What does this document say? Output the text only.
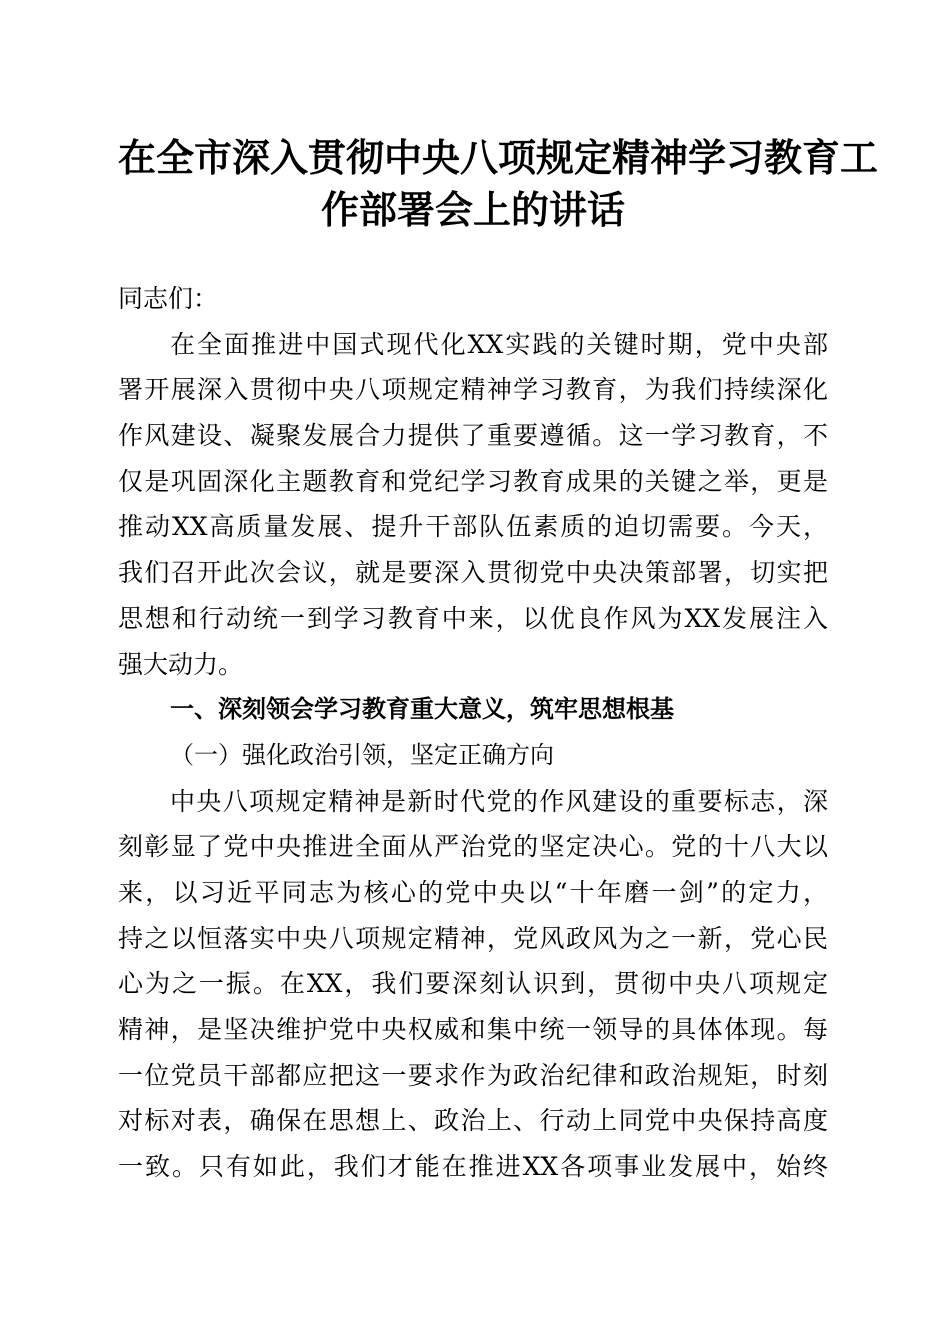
在全市深入贯彻中央八项规定精神学习教育工
作部署会上的讲话
同志们：
在全面推进中国式现代化XX实践的关键时期，党中央部
署开展深入贯彻中央八项规定精神学习教育，为我们持续深化
作风建设、凝聚发展合力提供了重要遵循。这一学习教育，不
仅是巩固深化主题教育和党纪学习教育成果的关键之举，更是
推动XX高质量发展、提升干部队伍素质的迫切需要。今天，
我们召开此次会议，就是要深入贯彻党中央决策部署，切实把
思想和行动统一到学习教育中来，以优良作风为XX发展注入
强大动力。
一、深刻领会学习教育重大意义，筑牢思想根基
（一）强化政治引领，坚定正确方向
中央八项规定精神是新时代党的作风建设的重要标志，深
刻彰显了党中央推进全面从严治党的坚定决心。党的十八大以
来，以习近平同志为核心的党中央以“十年磨一剑”的定力，
持之以恒落实中央八项规定精神，党风政风为之一新，党心民
心为之一振。在XX，我们要深刻认识到，贯彻中央八项规定
精神，是坚决维护党中央权威和集中统一领导的具体体现。每
一位党员干部都应把这一要求作为政治纪律和政治规矩，时刻
对标对表，确保在思想上、政治上、行动上同党中央保持高度
一致。只有如此，我们才能在推进XX各项事业发展中，始终
